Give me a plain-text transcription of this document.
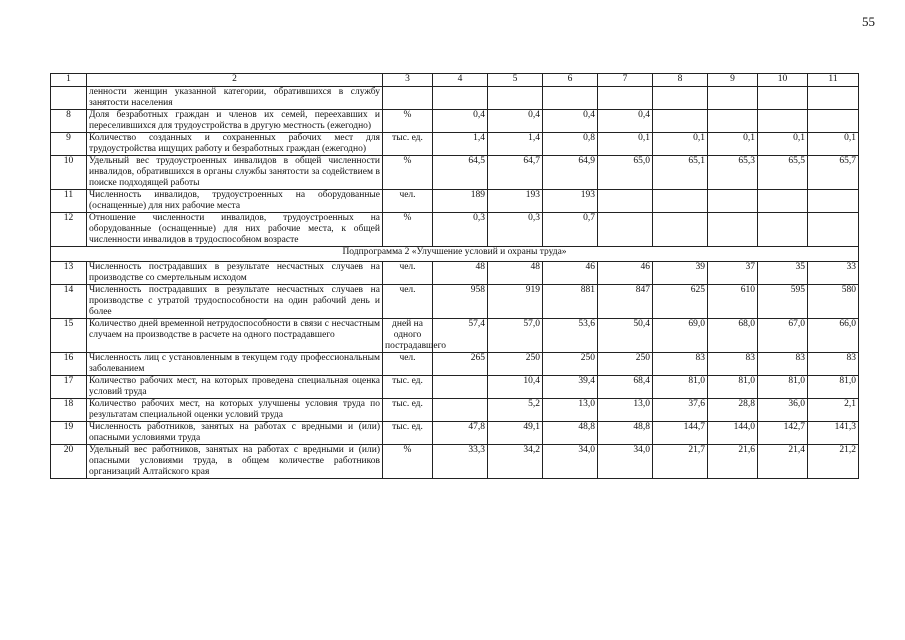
55
1	2	3	4	5	6	7	8	9	10	11
	ленности женщин указанной категории, обратившихся в службу занятости населения									
8	Доля безработных граждан и членов их семей, переехавших и переселившихся для трудоустройства в другую местность (ежегодно)	%	0,4	0,4	0,4	0,4				
9	Количество созданных и сохраненных рабочих мест для трудоустройства ищущих работу и безработных граждан (ежегодно)	тыс. ед.	1,4	1,4	0,8	0,1	0,1	0,1	0,1	0,1
10	Удельный вес трудоустроенных инвалидов в общей численности инвалидов, обратившихся в органы службы занятости за содействием в поиске подходящей работы	%	64,5	64,7	64,9	65,0	65,1	65,3	65,5	65,7
11	Численность инвалидов, трудоустроенных на оборудованные (оснащенные) для них рабочие места	чел.	189	193	193					
12	Отношение численности инвалидов, трудоустроенных на оборудованные (оснащенные) для них рабочие места, к общей численности инвалидов в трудоспособном возрасте	%	0,3	0,3	0,7					
Подпрограмма 2 «Улучшение условий и охраны труда»										
13	Численность пострадавших в результате несчастных случаев на производстве со смертельным исходом	чел.	48	48	46	46	39	37	35	33
14	Численность пострадавших в результате несчастных случаев на производстве с утратой трудоспособности на один рабочий день и более	чел.	958	919	881	847	625	610	595	580
15	Количество дней временной нетрудоспособности в связи с несчастным случаем на производстве в расчете на одного пострадавшего	дней на одного пострадавшего	57,4	57,0	53,6	50,4	69,0	68,0	67,0	66,0
16	Численность лиц с установленным в текущем году профессиональным заболеванием	чел.	265	250	250	250	83	83	83	83
17	Количество рабочих мест, на которых проведена специальная оценка условий труда	тыс. ед.		10,4	39,4	68,4	81,0	81,0	81,0	81,0
18	Количество рабочих мест, на которых улучшены условия труда по результатам специальной оценки условий труда	тыс. ед.		5,2	13,0	13,0	37,6	28,8	36,0	2,1
19	Численность работников, занятых на работах с вредными и (или) опасными условиями труда	тыс. ед.	47,8	49,1	48,8	48,8	144,7	144,0	142,7	141,3
20	Удельный вес работников, занятых на работах с вредными и (или) опасными условиями труда, в общем количестве работников организаций Алтайского края	%	33,3	34,2	34,0	34,0	21,7	21,6	21,4	21,2
